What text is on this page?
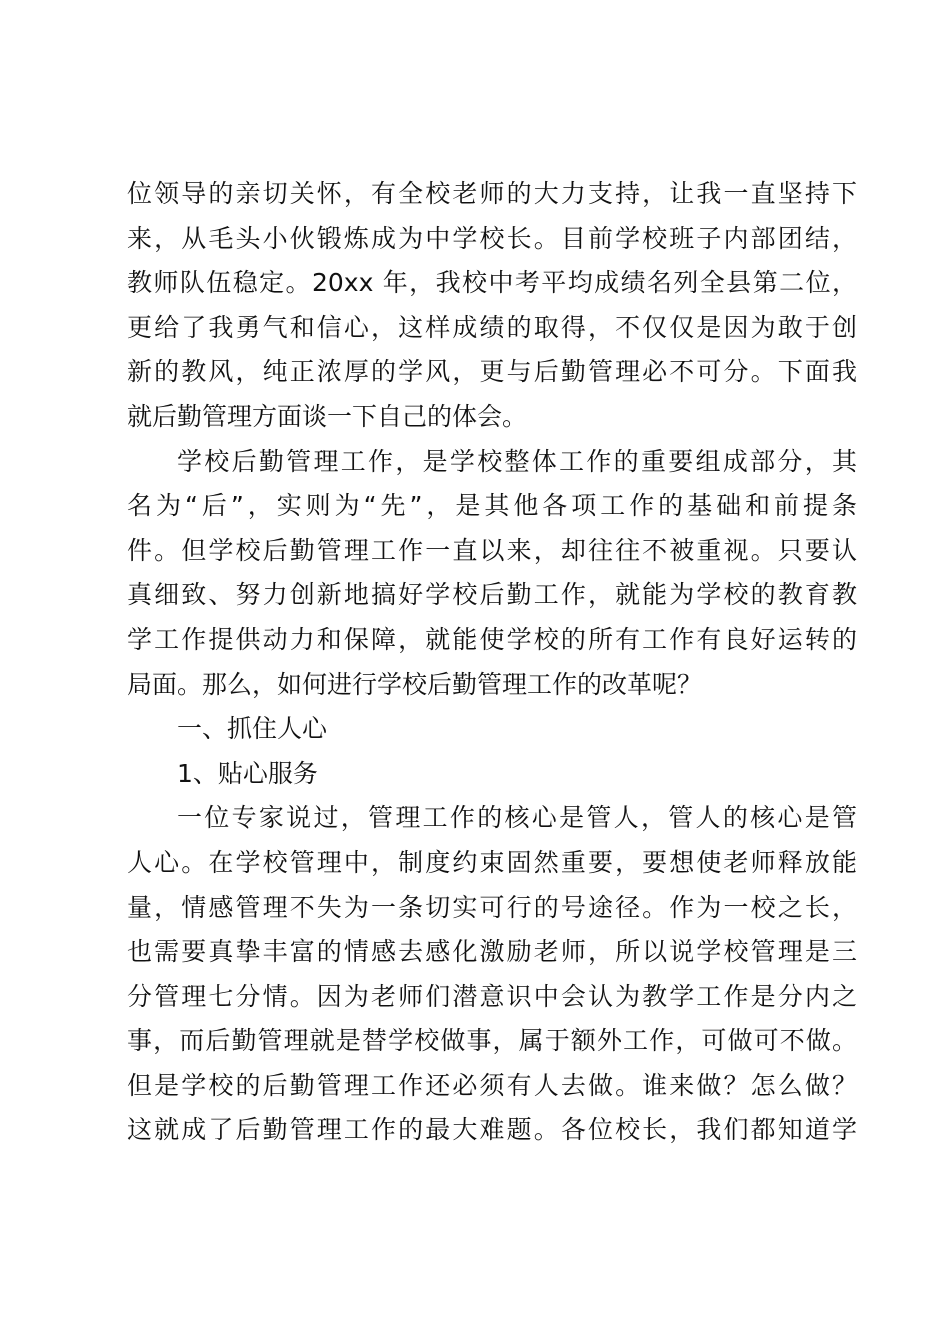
位领导的亲切关怀，有全校老师的大力支持，让我一直坚持下
来，从毛头小伙锻炼成为中学校长。目前学校班子内部团结，
教师队伍稳定。20xx 年，我校中考平均成绩名列全县第二位，
更给了我勇气和信心，这样成绩的取得，不仅仅是因为敢于创
新的教风，纯正浓厚的学风，更与后勤管理必不可分。下面我
就后勤管理方面谈一下自己的体会。
学校后勤管理工作，是学校整体工作的重要组成部分，其
名为“后”，实则为“先”，是其他各项工作的基础和前提条
件。但学校后勤管理工作一直以来，却往往不被重视。只要认
真细致、努力创新地搞好学校后勤工作，就能为学校的教育教
学工作提供动力和保障，就能使学校的所有工作有良好运转的
局面。那么，如何进行学校后勤管理工作的改革呢？
一、抓住人心
1、贴心服务
一位专家说过，管理工作的核心是管人，管人的核心是管
人心。在学校管理中，制度约束固然重要，要想使老师释放能
量，情感管理不失为一条切实可行的号途径。作为一校之长，
也需要真挚丰富的情感去感化激励老师，所以说学校管理是三
分管理七分情。因为老师们潜意识中会认为教学工作是分内之
事，而后勤管理就是替学校做事，属于额外工作，可做可不做。
但是学校的后勤管理工作还必须有人去做。谁来做？怎么做？
这就成了后勤管理工作的最大难题。各位校长，我们都知道学
